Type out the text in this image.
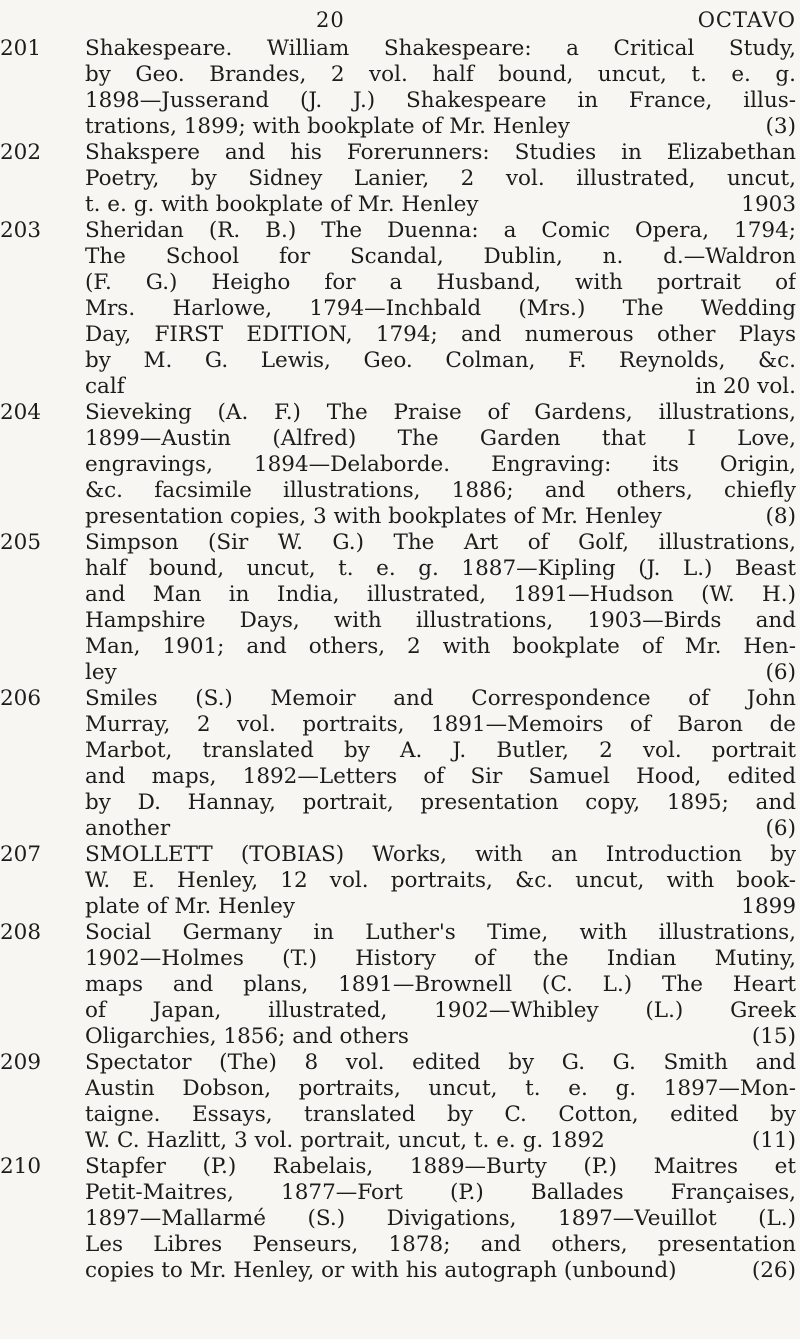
20	OCTAVO
201 Shakespeare. William Shakespeare: a Critical Study,
by Geo. Brandes, 2 vol. half bound, uncut, t. e. g.
1898—Jusserand (J. J.) Shakespeare in France, illus-
trations, 1899; with bookplate of Mr. Henley	(3)
202 Shakspere and his Forerunners: Studies in Elizabethan
Poetry, by Sidney Lanier, 2 vol. illustrated, uncut,
t. e. g. with bookplate of Mr. Henley	1903
203 Sheridan (R. B.) The Duenna: a Comic Opera, 1794;
The School for Scandal, Dublin, n. d.—Waldron
(F. G.) Heigho for a Husband, with portrait of
Mrs. Harlowe, 1794—Inchbald (Mrs.) The Wedding
Day, FIRST EDITION, 1794; and numerous other Plays
by M. G. Lewis, Geo. Colman, F. Reynolds, &c.
calf	in 20 vol.
204 Sieveking (A. F.) The Praise of Gardens, illustrations,
1899—Austin (Alfred) The Garden that I Love,
engravings, 1894—Delaborde. Engraving: its Origin,
&c. facsimile illustrations, 1886; and others, chiefly
presentation copies, 3 with bookplates of Mr. Henley	(8)
205 Simpson (Sir W. G.) The Art of Golf, illustrations,
half bound, uncut, t. e. g. 1887—Kipling (J. L.) Beast
and Man in India, illustrated, 1891—Hudson (W. H.)
Hampshire Days, with illustrations, 1903—Birds and
Man, 1901; and others, 2 with bookplate of Mr. Hen-
ley	(6)
206 Smiles (S.) Memoir and Correspondence of John
Murray, 2 vol. portraits, 1891—Memoirs of Baron de
Marbot, translated by A. J. Butler, 2 vol. portrait
and maps, 1892—Letters of Sir Samuel Hood, edited
by D. Hannay, portrait, presentation copy, 1895; and
another	(6)
207 SMOLLETT (TOBIAS) Works, with an Introduction by
W. E. Henley, 12 vol. portraits, &c. uncut, with book-
plate of Mr. Henley	1899
208 Social Germany in Luther's Time, with illustrations,
1902—Holmes (T.) History of the Indian Mutiny,
maps and plans, 1891—Brownell (C. L.) The Heart
of Japan, illustrated, 1902—Whibley (L.) Greek
Oligarchies, 1856; and others	(15)
209 Spectator (The) 8 vol. edited by G. G. Smith and
Austin Dobson, portraits, uncut, t. e. g. 1897—Mon-
taigne. Essays, translated by C. Cotton, edited by
W. C. Hazlitt, 3 vol. portrait, uncut, t. e. g. 1892	(11)
210 Stapfer (P.) Rabelais, 1889—Burty (P.) Maitres et
Petit-Maitres, 1877—Fort (P.) Ballades Françaises,
1897—Mallarmé (S.) Divigations, 1897—Veuillot (L.)
Les Libres Penseurs, 1878; and others, presentation
copies to Mr. Henley, or with his autograph (unbound)	(26)
